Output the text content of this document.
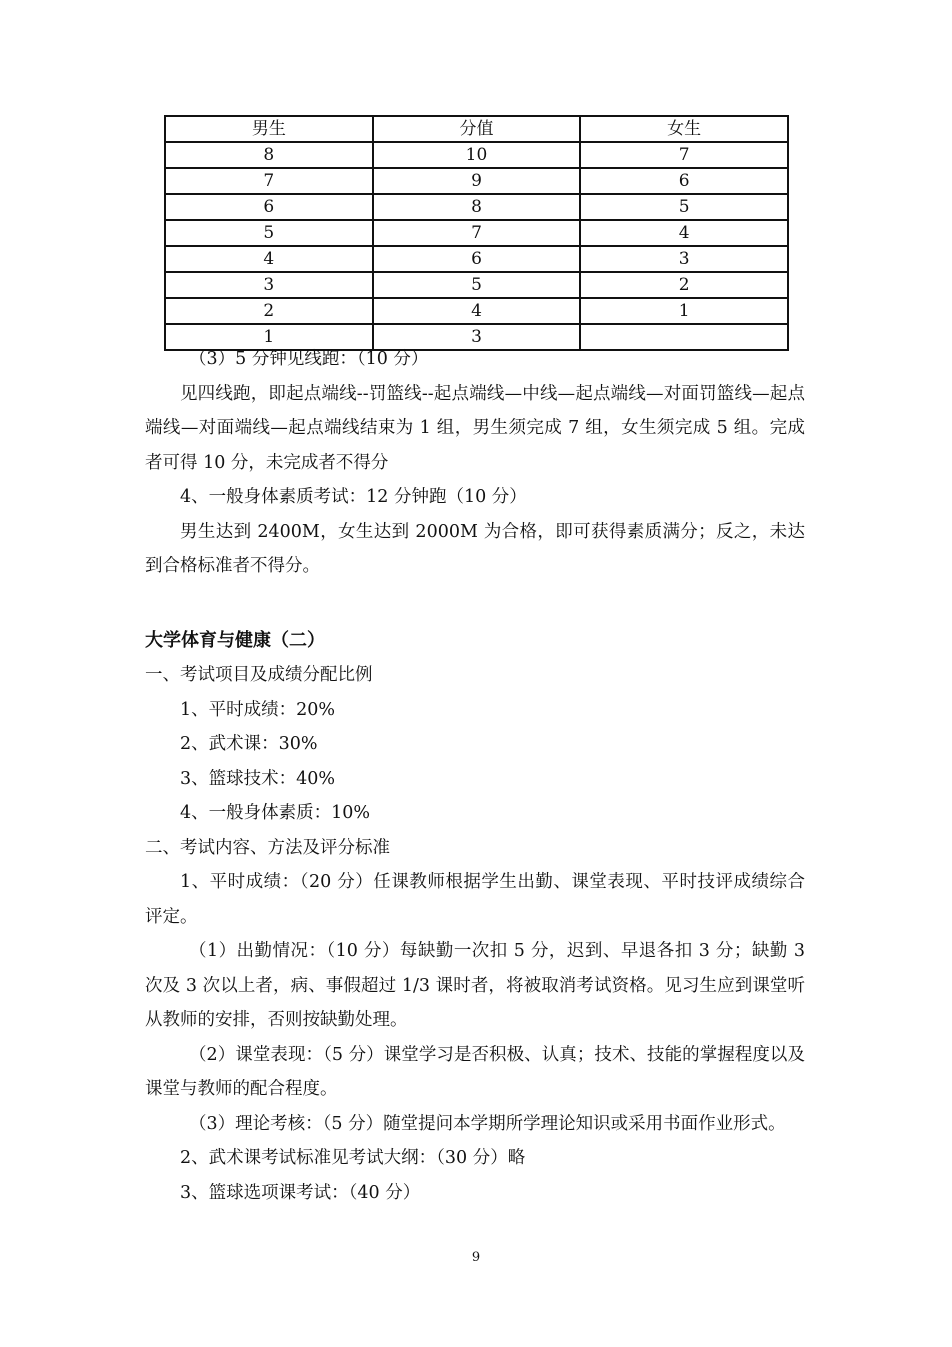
男生	分值	女生
8	10	7
7	9	6
6	8	5
5	7	4
4	6	3
3	5	2
2	4	1
1	3	

（3）5 分钟见线跑：（10 分）

见四线跑，即起点端线--罚篮线--起点端线—中线—起点端线—对面罚篮线—起点端线—对面端线—起点端线结束为 1 组，男生须完成 7 组，女生须完成 5 组。完成者可得 10 分，未完成者不得分

4、一般身体素质考试：12 分钟跑（10 分）

男生达到 2400M，女生达到 2000M 为合格，即可获得素质满分；反之，未达到合格标准者不得分。

大学体育与健康（二）

一、考试项目及成绩分配比例

1、平时成绩：20%

2、武术课：30%

3、篮球技术：40%

4、一般身体素质：10%

二、考试内容、方法及评分标准

1、平时成绩：（20 分）任课教师根据学生出勤、课堂表现、平时技评成绩综合评定。

（1）出勤情况：（10 分）每缺勤一次扣 5 分，迟到、早退各扣 3 分；缺勤 3 次及 3 次以上者，病、事假超过 1/3 课时者，将被取消考试资格。见习生应到课堂听从教师的安排，否则按缺勤处理。

（2）课堂表现：（5 分）课堂学习是否积极、认真；技术、技能的掌握程度以及课堂与教师的配合程度。

（3）理论考核：（5 分）随堂提问本学期所学理论知识或采用书面作业形式。

2、武术课考试标准见考试大纲：（30 分）略

3、篮球选项课考试：（40 分）

9
